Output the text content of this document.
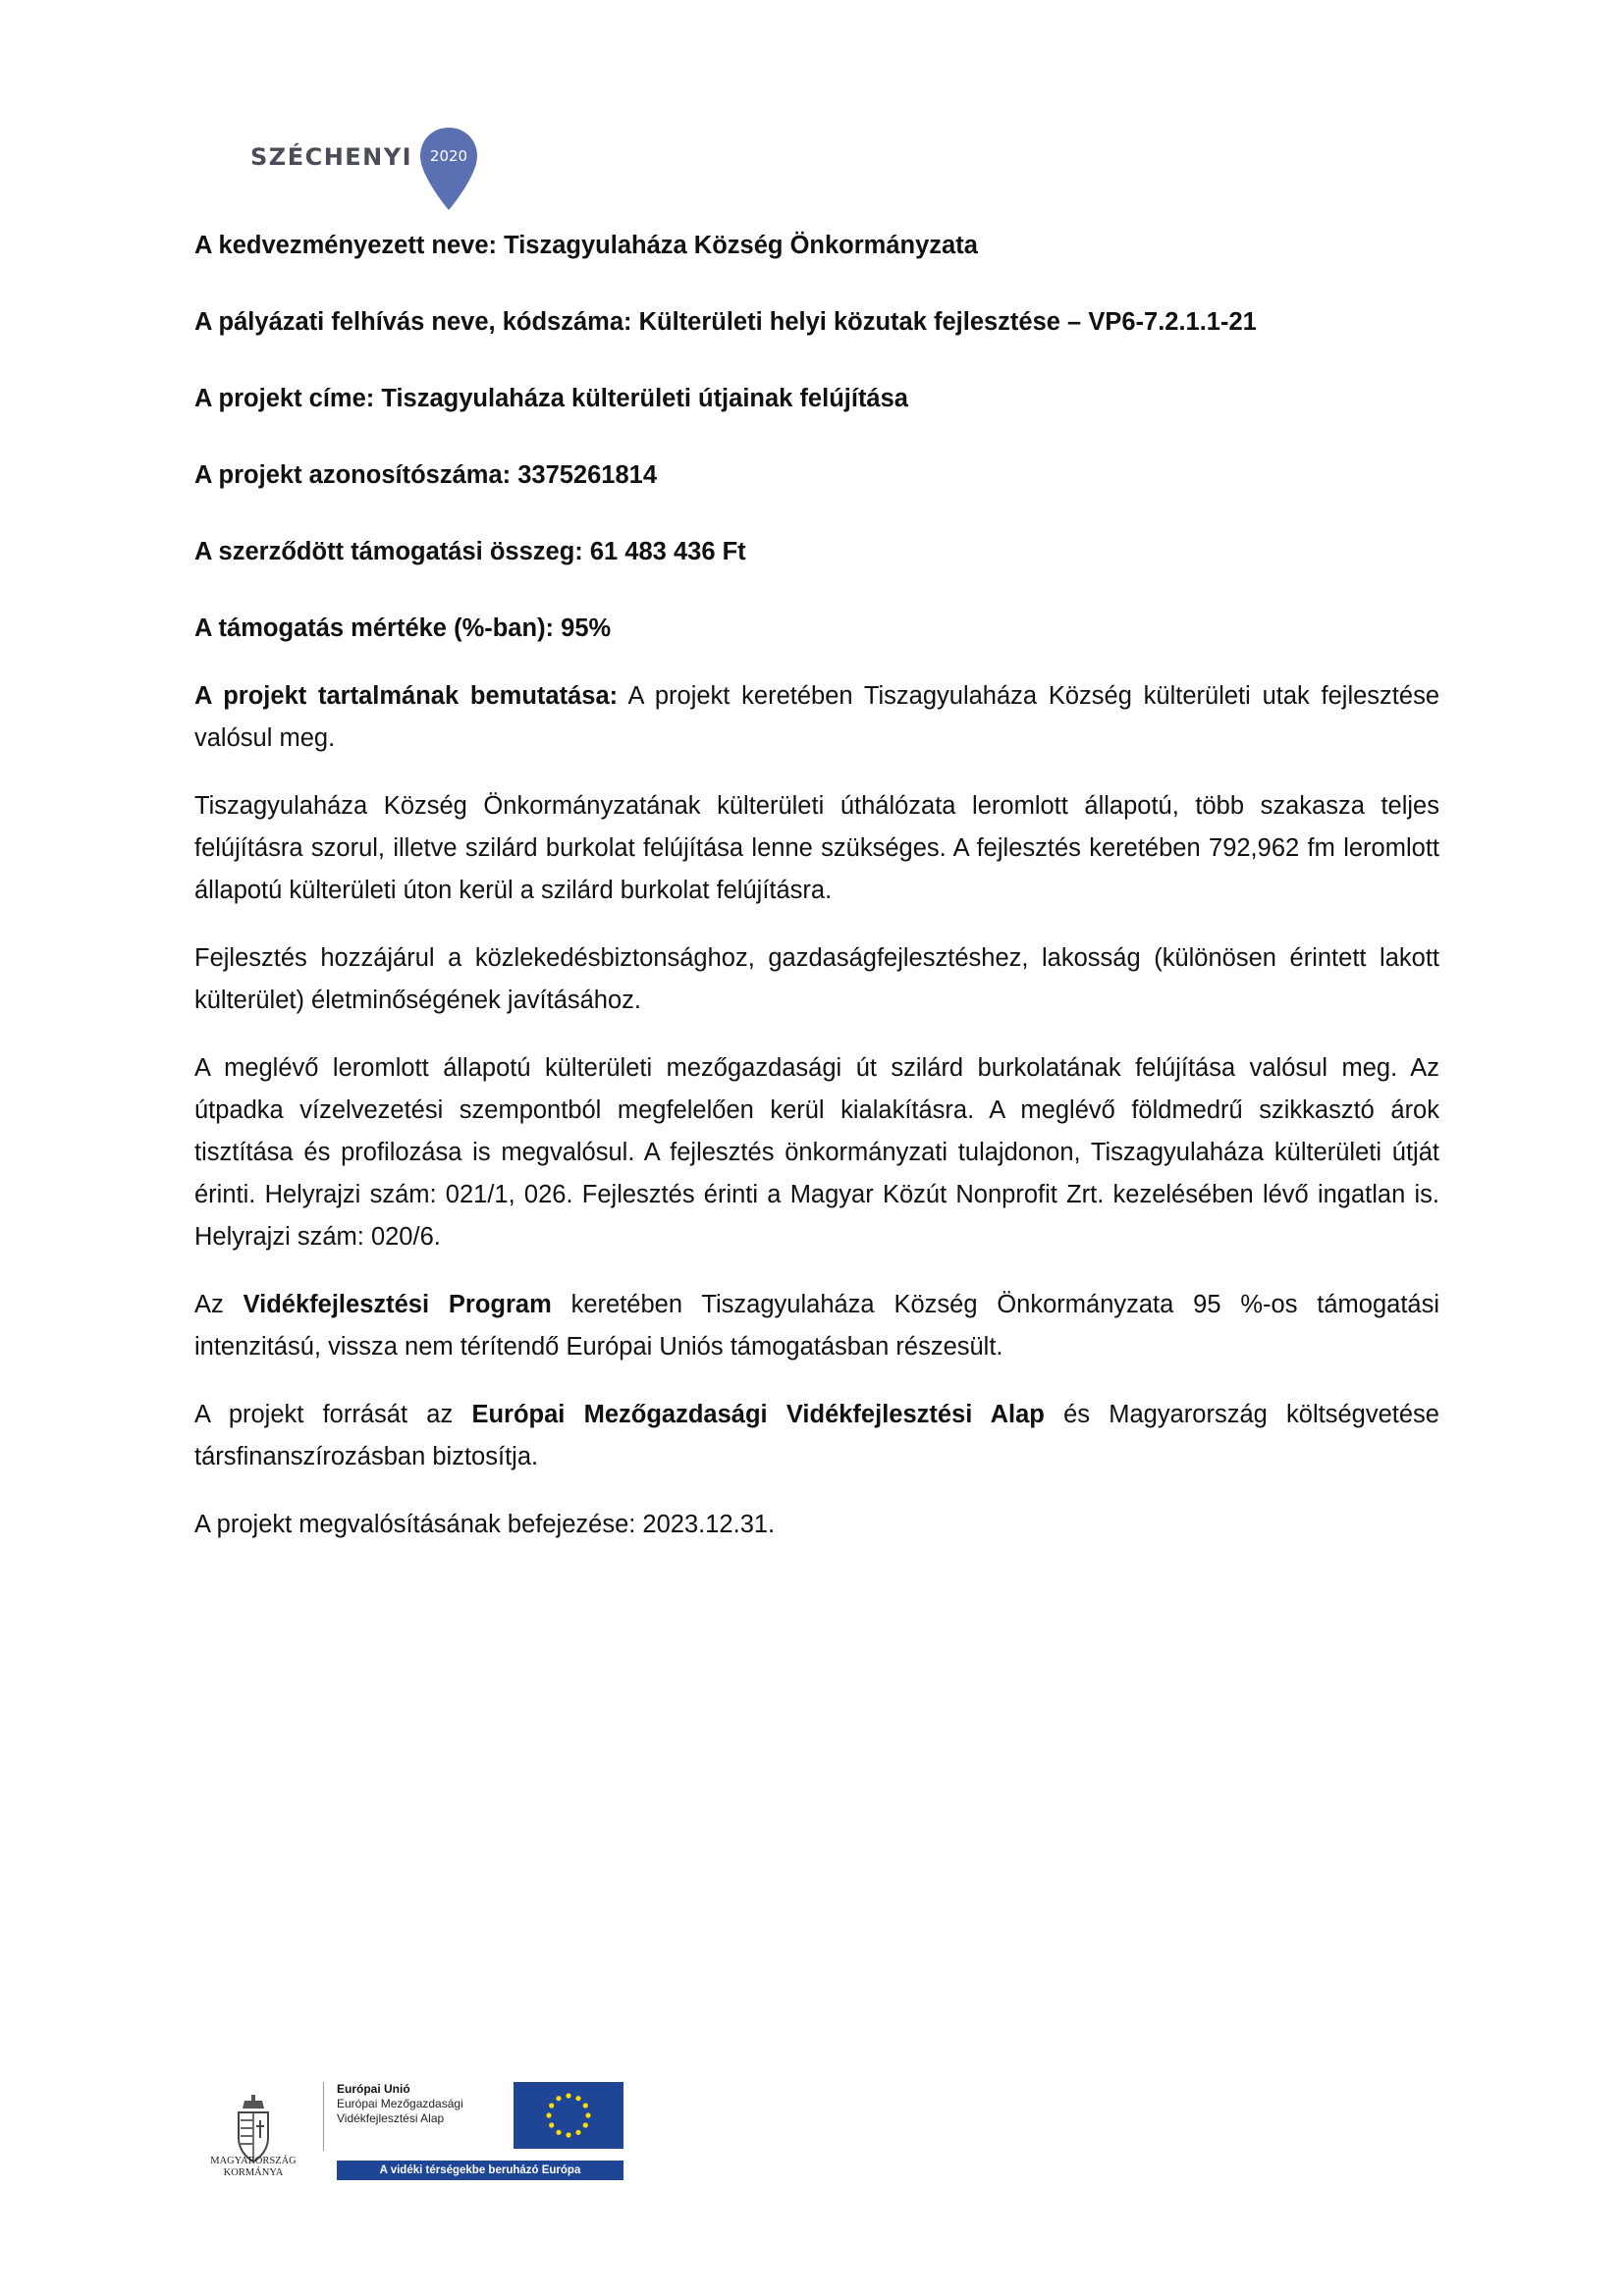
SZÉCHENYI 2020

A kedvezményezett neve: Tiszagyulaháza Község Önkormányzata

A pályázati felhívás neve, kódszáma: Külterületi helyi közutak fejlesztése – VP6-7.2.1.1-21

A projekt címe: Tiszagyulaháza külterületi útjainak felújítása

A projekt azonosítószáma: 3375261814

A szerződött támogatási összeg: 61 483 436 Ft

A támogatás mértéke (%-ban): 95%

A projekt tartalmának bemutatása: A projekt keretében Tiszagyulaháza Község külterületi utak fejlesztése valósul meg.

Tiszagyulaháza Község Önkormányzatának külterületi úthálózata leromlott állapotú, több szakasza teljes felújításra szorul, illetve szilárd burkolat felújítása lenne szükséges. A fejlesztés keretében 792,962 fm leromlott állapotú külterületi úton kerül a szilárd burkolat felújításra.

Fejlesztés hozzájárul a közlekedésbiztonsághoz, gazdaságfejlesztéshez, lakosság (különösen érintett lakott külterület) életminőségének javításához.

A meglévő leromlott állapotú külterületi mezőgazdasági út szilárd burkolatának felújítása valósul meg. Az útpadka vízelvezetési szempontból megfelelően kerül kialakításra. A meglévő földmedrű szikkasztó árok tisztítása és profilozása is megvalósul. A fejlesztés önkormányzati tulajdonon, Tiszagyulaháza külterületi útját érinti. Helyrajzi szám: 021/1, 026. Fejlesztés érinti a Magyar Közút Nonprofit Zrt. kezelésében lévő ingatlan is. Helyrajzi szám: 020/6.

Az Vidékfejlesztési Program keretében Tiszagyulaháza Község Önkormányzata 95 %-os támogatási intenzitású, vissza nem térítendő Európai Uniós támogatásban részesült.

A projekt forrását az Európai Mezőgazdasági Vidékfejlesztési Alap és Magyarország költségvetése társfinanszírozásban biztosítja.

A projekt megvalósításának befejezése: 2023.12.31.

MAGYARORSZÁG
KORMÁNYA
Európai Unió
Európai Mezőgazdasági
Vidékfejlesztési Alap
A vidéki térségekbe beruházó Európa
